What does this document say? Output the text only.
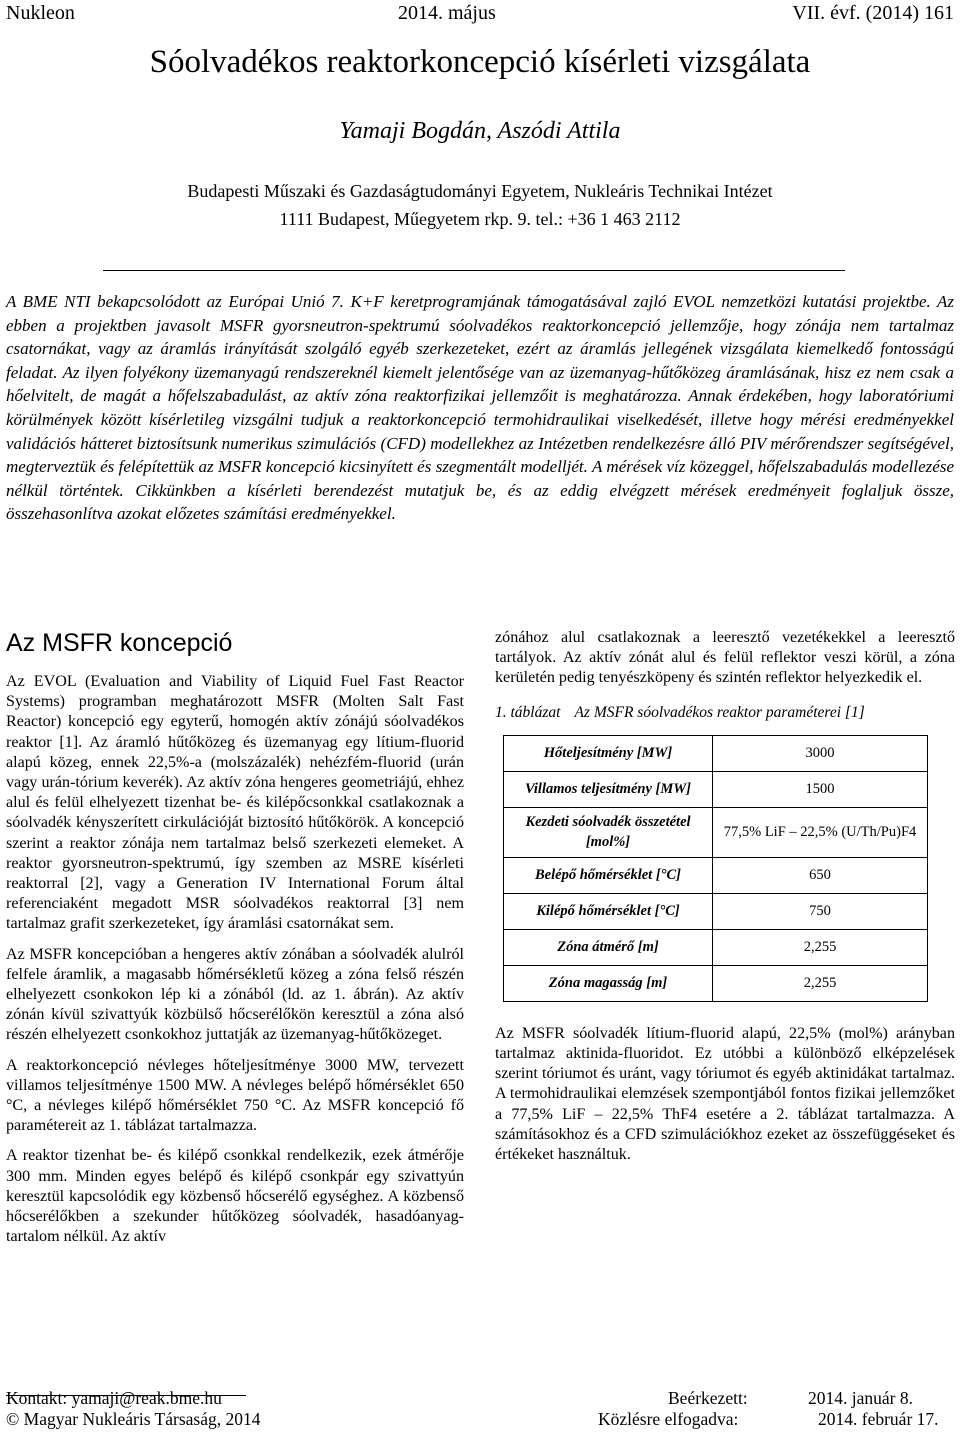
Nukleon	2014. május	VII. évf. (2014) 161
Sóolvadékos reaktorkoncepció kísérleti vizsgálata
Yamaji Bogdán, Aszódi Attila
Budapesti Műszaki és Gazdaságtudományi Egyetem, Nukleáris Technikai Intézet
1111 Budapest, Műegyetem rkp. 9. tel.: +36 1 463 2112

A BME NTI bekapcsolódott az Európai Unió 7. K+F keretprogramjának támogatásával zajló EVOL nemzetközi kutatási projektbe. Az ebben a projektben javasolt MSFR gyorsneutron-spektrumú sóolvadékos reaktorkoncepció jellemzője, hogy zónája nem tartalmaz csatornákat, vagy az áramlás irányítását szolgáló egyéb szerkezeteket, ezért az áramlás jellegének vizsgálata kiemelkedő fontosságú feladat. Az ilyen folyékony üzemanyagú rendszereknél kiemelt jelentősége van az üzemanyag-hűtőközeg áramlásának, hisz ez nem csak a hőelvitelt, de magát a hőfelszabadulást, az aktív zóna reaktorfizikai jellemzőit is meghatározza. Annak érdekében, hogy laboratóriumi körülmények között kísérletileg vizsgálni tudjuk a reaktorkoncepció termohidraulikai viselkedését, illetve hogy mérési eredményekkel validációs hátteret biztosítsunk numerikus szimulációs (CFD) modellekhez az Intézetben rendelkezésre álló PIV mérőrendszer segítségével, megterveztük és felépítettük az MSFR koncepció kicsinyített és szegmentált modelljét. A mérések víz közeggel, hőfelszabadulás modellezése nélkül történtek. Cikkünkben a kísérleti berendezést mutatjuk be, és az eddig elvégzett mérések eredményeit foglaljuk össze, összehasonlítva azokat előzetes számítási eredményekkel.

Az MSFR koncepció

Az EVOL (Evaluation and Viability of Liquid Fuel Fast Reactor Systems) programban meghatározott MSFR (Molten Salt Fast Reactor) koncepció egy egyterű, homogén aktív zónájú sóolvadékos reaktor [1]. Az áramló hűtőközeg és üzemanyag egy lítium-fluorid alapú közeg, ennek 22,5%-a (molszázalék) nehézfém-fluorid (urán vagy urán-tórium keverék). Az aktív zóna hengeres geometriájú, ehhez alul és felül elhelyezett tizenhat be- és kilépőcsonkkal csatlakoznak a sóolvadék kényszerített cirkulációját biztosító hűtőkörök. A koncepció szerint a reaktor zónája nem tartalmaz belső szerkezeti elemeket. A reaktor gyorsneutron-spektrumú, így szemben az MSRE kísérleti reaktorral [2], vagy a Generation IV International Forum által referenciaként megadott MSR sóolvadékos reaktorral [3] nem tartalmaz grafit szerkezeteket, így áramlási csatornákat sem.

Az MSFR koncepcióban a hengeres aktív zónában a sóolvadék alulról felfele áramlik, a magasabb hőmérsékletű közeg a zóna felső részén elhelyezett csonkokon lép ki a zónából (ld. az 1. ábrán). Az aktív zónán kívül szivattyúk közbülső hőcserélőkön keresztül a zóna alsó részén elhelyezett csonkokhoz juttatják az üzemanyag-hűtőközeget.

A reaktorkoncepció névleges hőteljesítménye 3000 MW, tervezett villamos teljesítménye 1500 MW. A névleges belépő hőmérséklet 650 °C, a névleges kilépő hőmérséklet 750 °C. Az MSFR koncepció fő paramétereit az 1. táblázat tartalmazza.

A reaktor tizenhat be- és kilépő csonkkal rendelkezik, ezek átmérője 300 mm. Minden egyes belépő és kilépő csonkpár egy szivattyún keresztül kapcsolódik egy közbenső hőcserélő egységhez. A közbenső hőcserélőkben a szekunder hűtőközeg sóolvadék, hasadóanyag-tartalom nélkül. Az aktív

zónához alul csatlakoznak a leeresztő vezetékekkel a leeresztő tartályok. Az aktív zónát alul és felül reflektor veszi körül, a zóna kerületén pedig tenyészköpeny és szintén reflektor helyezkedik el.

1. táblázat Az MSFR sóolvadékos reaktor paraméterei [1]
Hőteljesítmény [MW]	3000
Villamos teljesítmény [MW]	1500
Kezdeti sóolvadék összetétel [mol%]	77,5% LiF – 22,5% (U/Th/Pu)F4
Belépő hőmérséklet [°C]	650
Kilépő hőmérséklet [°C]	750
Zóna átmérő [m]	2,255
Zóna magasság [m]	2,255

Az MSFR sóolvadék lítium-fluorid alapú, 22,5% (mol%) arányban tartalmaz aktinida-fluoridot. Ez utóbbi a különböző elképzelések szerint tóriumot és uránt, vagy tóriumot és egyéb aktinidákat tartalmaz. A termohidraulikai elemzések szempontjából fontos fizikai jellemzőket a 77,5% LiF – 22,5% ThF4 esetére a 2. táblázat tartalmazza. A számításokhoz és a CFD szimulációkhoz ezeket az összefüggéseket és értékeket használtuk.

Kontakt: yamaji@reak.bme.hu
© Magyar Nukleáris Társaság, 2014
Beérkezett:
Közlésre elfogadva:
2014. január 8.
2014. február 17.
